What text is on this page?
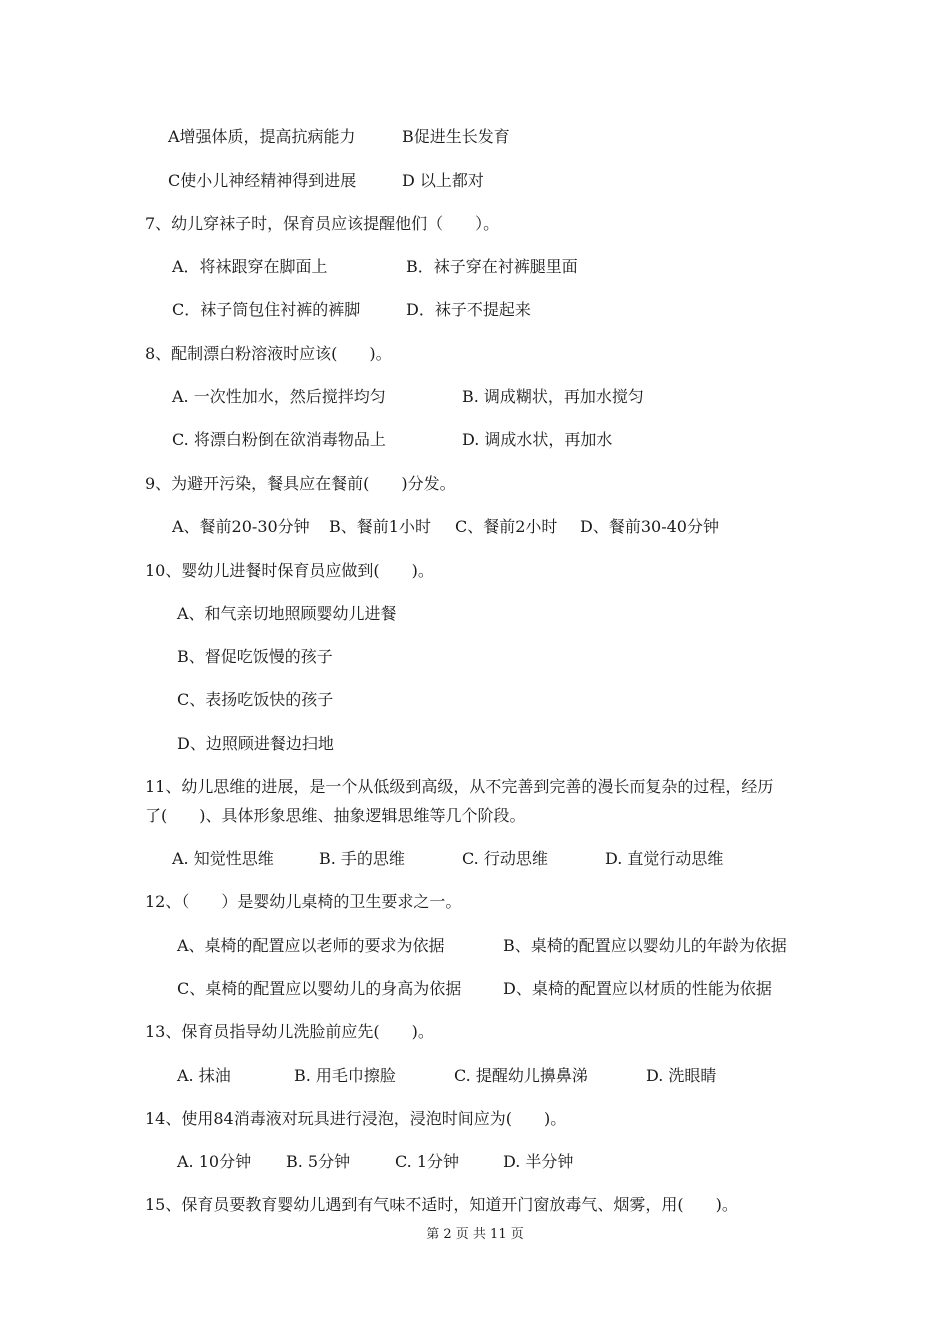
A增强体质，提高抗病能力	B促进生长发育
C使小儿神经精神得到进展	D 以上都对
7、幼儿穿袜子时，保育员应该提醒他们（　　）。
A．将袜跟穿在脚面上	B．袜子穿在衬裤腿里面
C．袜子筒包住衬裤的裤脚	D．袜子不提起来
8、配制漂白粉溶液时应该(　　)。
A. 一次性加水，然后搅拌均匀	B. 调成糊状，再加水搅匀
C. 将漂白粉倒在欲消毒物品上	D. 调成水状，再加水
9、为避开污染，餐具应在餐前(　　)分发。
A、餐前20-30分钟 B、餐前1小时 C、餐前2小时 D、餐前30-40分钟
10、婴幼儿进餐时保育员应做到(　　)。
A、和气亲切地照顾婴幼儿进餐
B、督促吃饭慢的孩子
C、表扬吃饭快的孩子
D、边照顾进餐边扫地
11、幼儿思维的进展，是一个从低级到高级，从不完善到完善的漫长而复杂的过程，经历
了(　　)、具体形象思维、抽象逻辑思维等几个阶段。
A. 知觉性思维	B. 手的思维	C. 行动思维	D. 直觉行动思维
12、（　　）是婴幼儿桌椅的卫生要求之一。
A、桌椅的配置应以老师的要求为依据	B、桌椅的配置应以婴幼儿的年龄为依据
C、桌椅的配置应以婴幼儿的身高为依据	D、桌椅的配置应以材质的性能为依据
13、保育员指导幼儿洗脸前应先(　　)。
A. 抹油	B. 用毛巾擦脸	C. 提醒幼儿擤鼻涕	D. 洗眼睛
14、使用84消毒液对玩具进行浸泡，浸泡时间应为(　　)。
A. 10分钟 B. 5分钟	C. 1分钟	D. 半分钟
15、保育员要教育婴幼儿遇到有气味不适时，知道开门窗放毒气、烟雾，用(　　)。
第 2 页 共 11 页
